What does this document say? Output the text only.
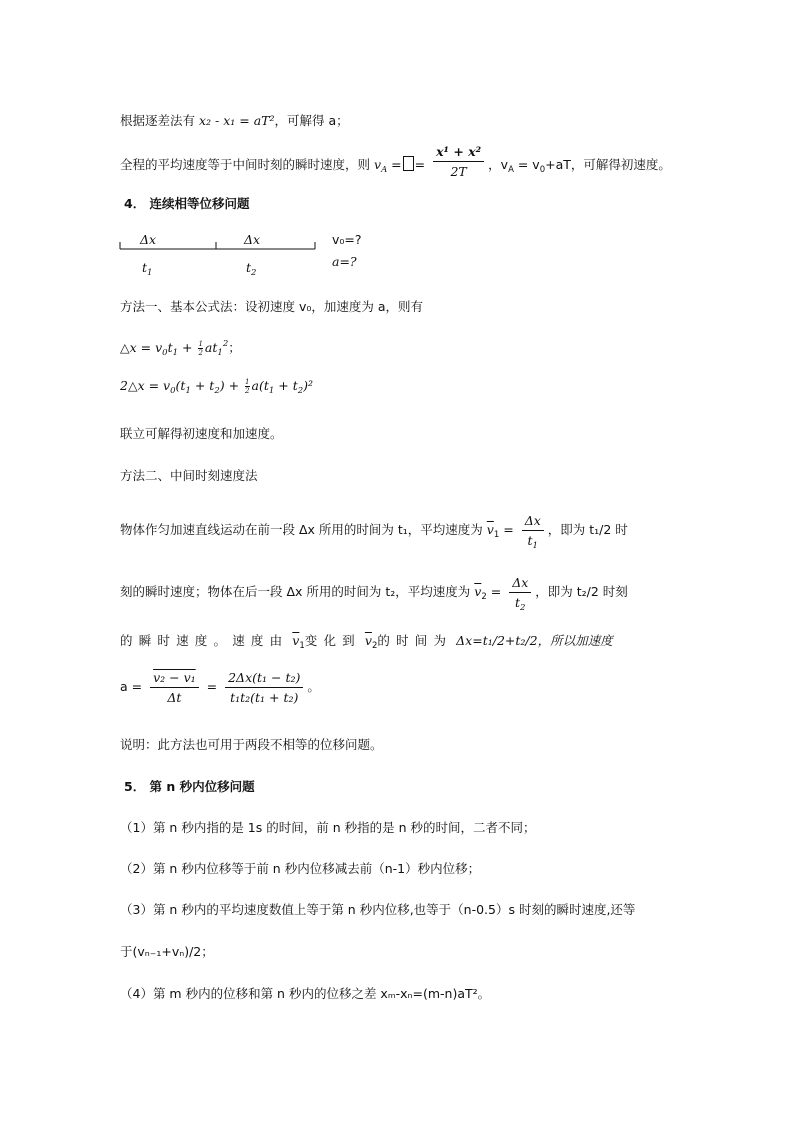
根据逐差法有 x₂ - x₁ = aT²，可解得 a；
全程的平均速度等于中间时刻的瞬时速度，则 $v_A$ = = $\frac{\text{x¹ + x²}}{2T}$ ，$v_A = v_0+aT$，可解得初速度。
4． 连续相等位移问题
Δx	Δx
$t_1$	$t_2$
v₀=?
a=?
方法一、基本公式法：设初速度 v₀，加速度为 a，则有
△x = $v_0t_1 + \frac{1}{2} at_1^2$；
2△x = $v_0(t_1 + t_2) + \frac{1}{2} a(t_1 + t_2)^2$
联立可解得初速度和加速度。
方法二、中间时刻速度法
物体作匀加速直线运动在前一段 Δx 所用的时间为 t₁，平均速度为 $\overline{v}_1 = \frac{\Delta x}{t_1}$ ，即为 t₁/2 时
刻的瞬时速度；物体在后一段 Δx 所用的时间为 t₂，平均速度为 $\overline{v}_2 = \frac{\Delta x}{t_2}$ ，即为 t₂/2 时刻
的瞬时速度。速度由 $\overline{v}_1$变化到 $\overline{v}_2$的时间为 Δx=t₁/2+t₂/2，所以加速度
$a = \frac{\text{v₂ − v₁}}{\Delta t} = \frac{\text{2Δx(t₁ − t₂)}}{\text{t₁t₂(t₁ + t₂)}}$ 。
说明：此方法也可用于两段不相等的位移问题。
5． 第 n 秒内位移问题
（1）第 n 秒内指的是 1s 的时间，前 n 秒指的是 n 秒的时间，二者不同；
（2）第 n 秒内位移等于前 n 秒内位移减去前（n-1）秒内位移；
（3）第 n 秒内的平均速度数值上等于第 n 秒内位移,也等于（n-0.5）s 时刻的瞬时速度,还等
于(vₙ₋₁+vₙ)/2；
（4）第 m 秒内的位移和第 n 秒内的位移之差 xₘ-xₙ=(m-n)aT²。
